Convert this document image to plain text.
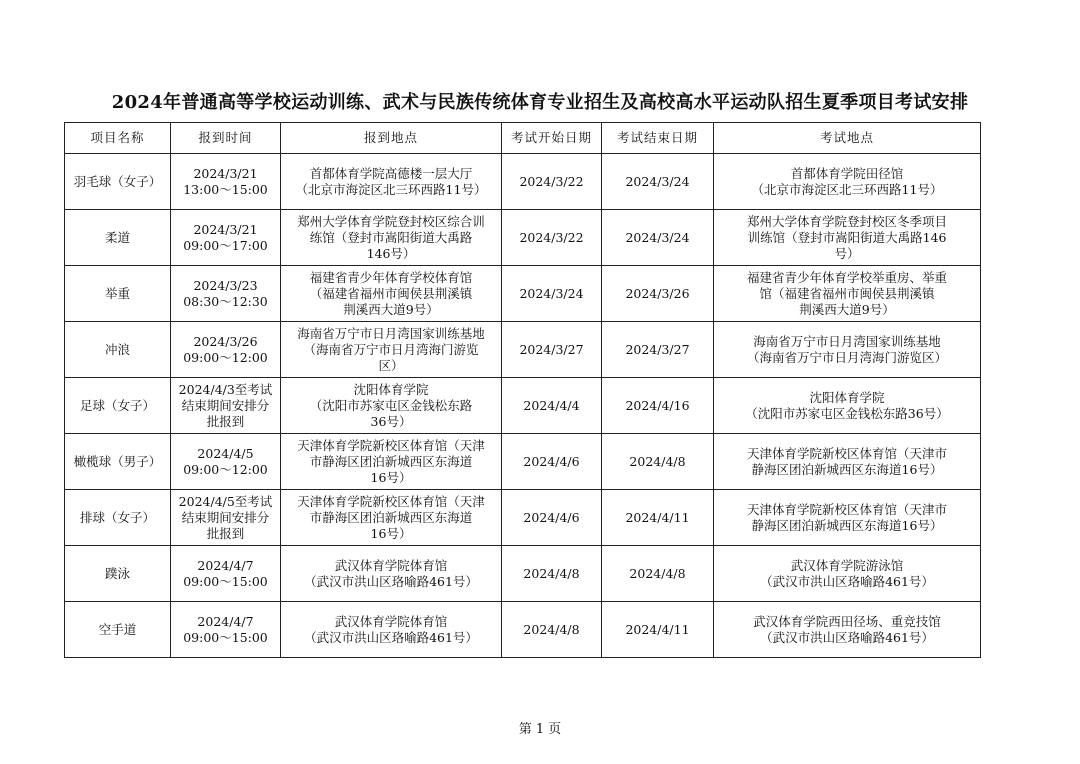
2024年普通高等学校运动训练、武术与民族传统体育专业招生及高校高水平运动队招生夏季项目考试安排
项目名称	报到时间	报到地点	考试开始日期	考试结束日期	考试地点

羽毛球（女子）	2024/3/21
13:00～15:00	首都体育学院高德楼一层大厅
（北京市海淀区北三环西路11号）	2024/3/22	2024/3/24	首都体育学院田径馆
（北京市海淀区北三环西路11号）

柔道	2024/3/21
09:00～17:00	郑州大学体育学院登封校区综合训
练馆（登封市嵩阳街道大禹路
146号）	2024/3/22	2024/3/24	郑州大学体育学院登封校区冬季项目
训练馆（登封市嵩阳街道大禹路146
号）

举重	2024/3/23
08:30～12:30	福建省青少年体育学校体育馆
（福建省福州市闽侯县荆溪镇
荆溪西大道9号）	2024/3/24	2024/3/26	福建省青少年体育学校举重房、举重
馆（福建省福州市闽侯县荆溪镇
荆溪西大道9号）

冲浪	2024/3/26
09:00～12:00	海南省万宁市日月湾国家训练基地
（海南省万宁市日月湾海门游览
区）	2024/3/27	2024/3/27	海南省万宁市日月湾国家训练基地
（海南省万宁市日月湾海门游览区）

足球（女子）	2024/4/3至考试
结束期间安排分
批报到	沈阳体育学院
（沈阳市苏家屯区金钱松东路
36号）	2024/4/4	2024/4/16	沈阳体育学院
（沈阳市苏家屯区金钱松东路36号）

橄榄球（男子）	2024/4/5
09:00～12:00	天津体育学院新校区体育馆（天津
市静海区团泊新城西区东海道
16号）	2024/4/6	2024/4/8	天津体育学院新校区体育馆（天津市
静海区团泊新城西区东海道16号）

排球（女子）	2024/4/5至考试
结束期间安排分
批报到	天津体育学院新校区体育馆（天津
市静海区团泊新城西区东海道
16号）	2024/4/6	2024/4/11	天津体育学院新校区体育馆（天津市
静海区团泊新城西区东海道16号）

蹼泳	2024/4/7
09:00～15:00	武汉体育学院体育馆
（武汉市洪山区珞喻路461号）	2024/4/8	2024/4/8	武汉体育学院游泳馆
（武汉市洪山区珞喻路461号）

空手道	2024/4/7
09:00～15:00	武汉体育学院体育馆
（武汉市洪山区珞喻路461号）	2024/4/8	2024/4/11	武汉体育学院西田径场、重竞技馆
（武汉市洪山区珞喻路461号）
第 1 页
